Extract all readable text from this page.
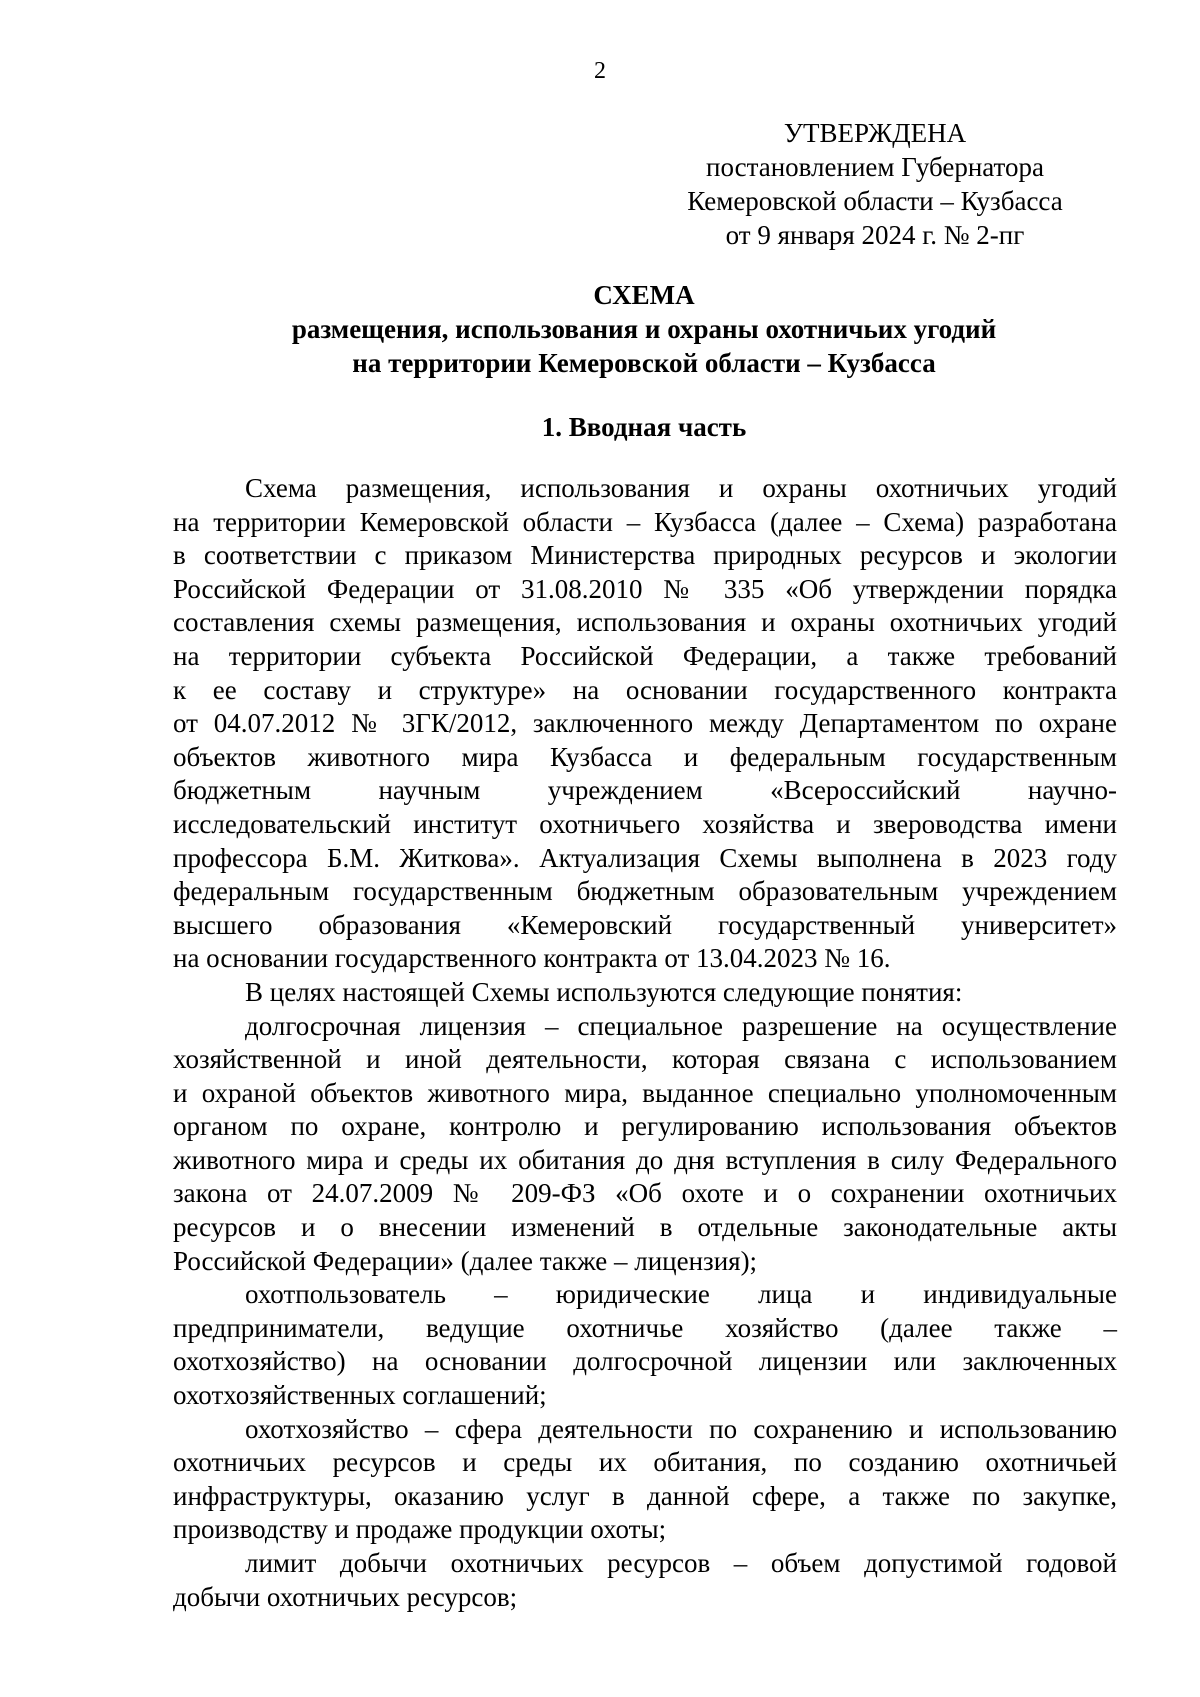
2
УТВЕРЖДЕНА
постановлением Губернатора
Кемеровской области – Кузбасса
от 9 января 2024 г. № 2-пг
СХЕМА
размещения, использования и охраны охотничьих угодий
на территории Кемеровской области – Кузбасса
1. Вводная часть
Схема размещения, использования и охраны охотничьих угодий
на территории Кемеровской области – Кузбасса (далее – Схема) разработана
в соответствии с приказом Министерства природных ресурсов и экологии
Российской Федерации от 31.08.2010 № 335 «Об утверждении порядка
составления схемы размещения, использования и охраны охотничьих угодий
на территории субъекта Российской Федерации, а также требований
к ее составу и структуре» на основании государственного контракта
от 04.07.2012 № 3ГК/2012, заключенного между Департаментом по охране
объектов животного мира Кузбасса и федеральным государственным
бюджетным научным учреждением «Всероссийский научно-
исследовательский институт охотничьего хозяйства и звероводства имени
профессора Б.М. Житкова». Актуализация Схемы выполнена в 2023 году
федеральным государственным бюджетным образовательным учреждением
высшего образования «Кемеровский государственный университет»
на основании государственного контракта от 13.04.2023 № 16.
В целях настоящей Схемы используются следующие понятия:
долгосрочная лицензия – специальное разрешение на осуществление
хозяйственной и иной деятельности, которая связана с использованием
и охраной объектов животного мира, выданное специально уполномоченным
органом по охране, контролю и регулированию использования объектов
животного мира и среды их обитания до дня вступления в силу Федерального
закона от 24.07.2009 № 209-ФЗ «Об охоте и о сохранении охотничьих
ресурсов и о внесении изменений в отдельные законодательные акты
Российской Федерации» (далее также – лицензия);
охотпользователь – юридические лица и индивидуальные
предприниматели, ведущие охотничье хозяйство (далее также –
охотхозяйство) на основании долгосрочной лицензии или заключенных
охотхозяйственных соглашений;
охотхозяйство – сфера деятельности по сохранению и использованию
охотничьих ресурсов и среды их обитания, по созданию охотничьей
инфраструктуры, оказанию услуг в данной сфере, а также по закупке,
производству и продаже продукции охоты;
лимит добычи охотничьих ресурсов – объем допустимой годовой
добычи охотничьих ресурсов;
